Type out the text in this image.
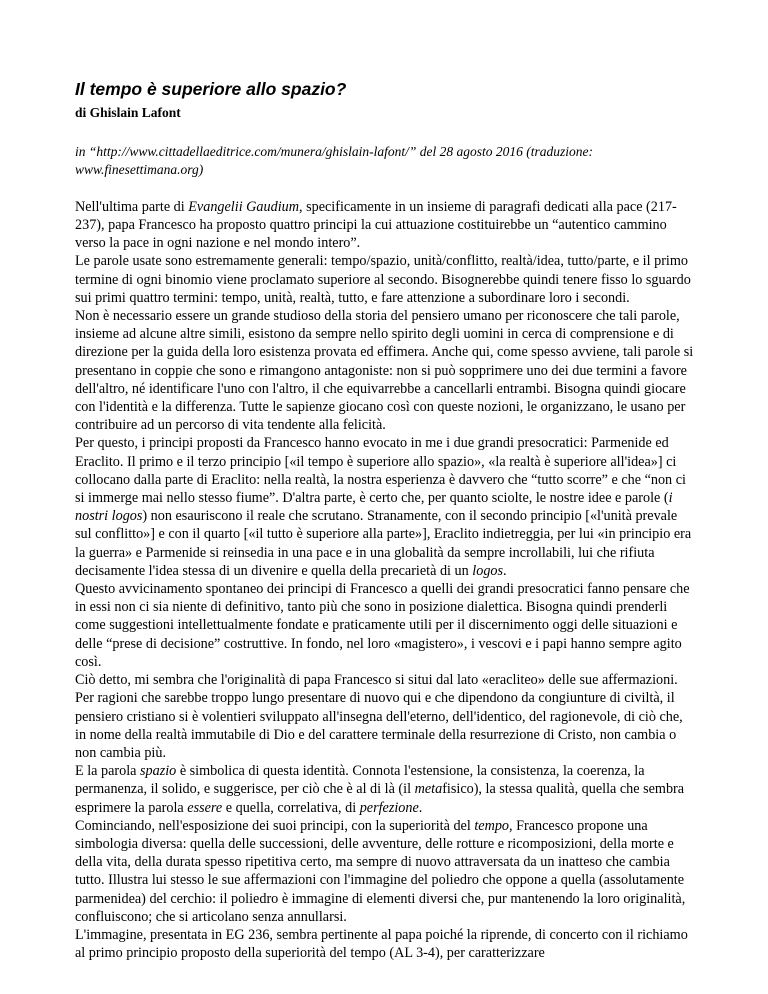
Il tempo è superiore allo spazio?
di Ghislain Lafont
in “http://www.cittadellaeditrice.com/munera/ghislain-lafont/” del 28 agosto 2016 (traduzione: www.finesettimana.org)

Nell'ultima parte di Evangelii Gaudium, specificamente in un insieme di paragrafi dedicati alla pace (217-237), papa Francesco ha proposto quattro principi la cui attuazione costituirebbe un “autentico cammino verso la pace in ogni nazione e nel mondo intero”.

Le parole usate sono estremamente generali: tempo/spazio, unità/conflitto, realtà/idea, tutto/parte, e il primo termine di ogni binomio viene proclamato superiore al secondo. Bisognerebbe quindi tenere fisso lo sguardo sui primi quattro termini: tempo, unità, realtà, tutto, e fare attenzione a subordinare loro i secondi.

Non è necessario essere un grande studioso della storia del pensiero umano per riconoscere che tali parole, insieme ad alcune altre simili, esistono da sempre nello spirito degli uomini in cerca di comprensione e di direzione per la guida della loro esistenza provata ed effimera. Anche qui, come spesso avviene, tali parole si presentano in coppie che sono e rimangono antagoniste: non si può sopprimere uno dei due termini a favore dell'altro, né identificare l'uno con l'altro, il che equivarrebbe a cancellarli entrambi. Bisogna quindi giocare con l'identità e la differenza. Tutte le sapienze giocano così con queste nozioni, le organizzano, le usano per contribuire ad un percorso di vita tendente alla felicità.

Per questo, i principi proposti da Francesco hanno evocato in me i due grandi presocratici: Parmenide ed Eraclito. Il primo e il terzo principio [«il tempo è superiore allo spazio», «la realtà è superiore all'idea»] ci collocano dalla parte di Eraclito: nella realtà, la nostra esperienza è davvero che “tutto scorre” e che “non ci si immerge mai nello stesso fiume”. D'altra parte, è certo che, per quanto sciolte, le nostre idee e parole (i nostri logos) non esauriscono il reale che scrutano. Stranamente, con il secondo principio [«l'unità prevale sul conflitto»] e con il quarto [«il tutto è superiore alla parte»], Eraclito indietreggia, per lui «in principio era la guerra» e Parmenide si reinsedia in una pace e in una globalità da sempre incrollabili, lui che rifiuta decisamente l'idea stessa di un divenire e quella della precarietà di un logos.

Questo avvicinamento spontaneo dei principi di Francesco a quelli dei grandi presocratici fanno pensare che in essi non ci sia niente di definitivo, tanto più che sono in posizione dialettica. Bisogna quindi prenderli come suggestioni intellettualmente fondate e praticamente utili per il discernimento oggi delle situazioni e delle “prese di decisione” costruttive. In fondo, nel loro «magistero», i vescovi e i papi hanno sempre agito così.

Ciò detto, mi sembra che l'originalità di papa Francesco si situi dal lato «eracliteo» delle sue affermazioni. Per ragioni che sarebbe troppo lungo presentare di nuovo qui e che dipendono da congiunture di civiltà, il pensiero cristiano si è volentieri sviluppato all'insegna dell'eterno, dell'identico, del ragionevole, di ciò che, in nome della realtà immutabile di Dio e del carattere terminale della resurrezione di Cristo, non cambia o non cambia più.

E la parola spazio è simbolica di questa identità. Connota l'estensione, la consistenza, la coerenza, la permanenza, il solido, e suggerisce, per ciò che è al di là (il metafisico), la stessa qualità, quella che sembra esprimere la parola essere e quella, correlativa, di perfezione.

Cominciando, nell'esposizione dei suoi principi, con la superiorità del tempo, Francesco propone una simbologia diversa: quella delle successioni, delle avventure, delle rotture e ricomposizioni, della morte e della vita, della durata spesso ripetitiva certo, ma sempre di nuovo attraversata da un inatteso che cambia tutto. Illustra lui stesso le sue affermazioni con l'immagine del poliedro che oppone a quella (assolutamente parmenidea) del cerchio: il poliedro è immagine di elementi diversi che, pur mantenendo la loro originalità, confluiscono; che si articolano senza annullarsi.

L'immagine, presentata in EG 236, sembra pertinente al papa poiché la riprende, di concerto con il richiamo al primo principio proposto della superiorità del tempo (AL 3-4), per caratterizzare
